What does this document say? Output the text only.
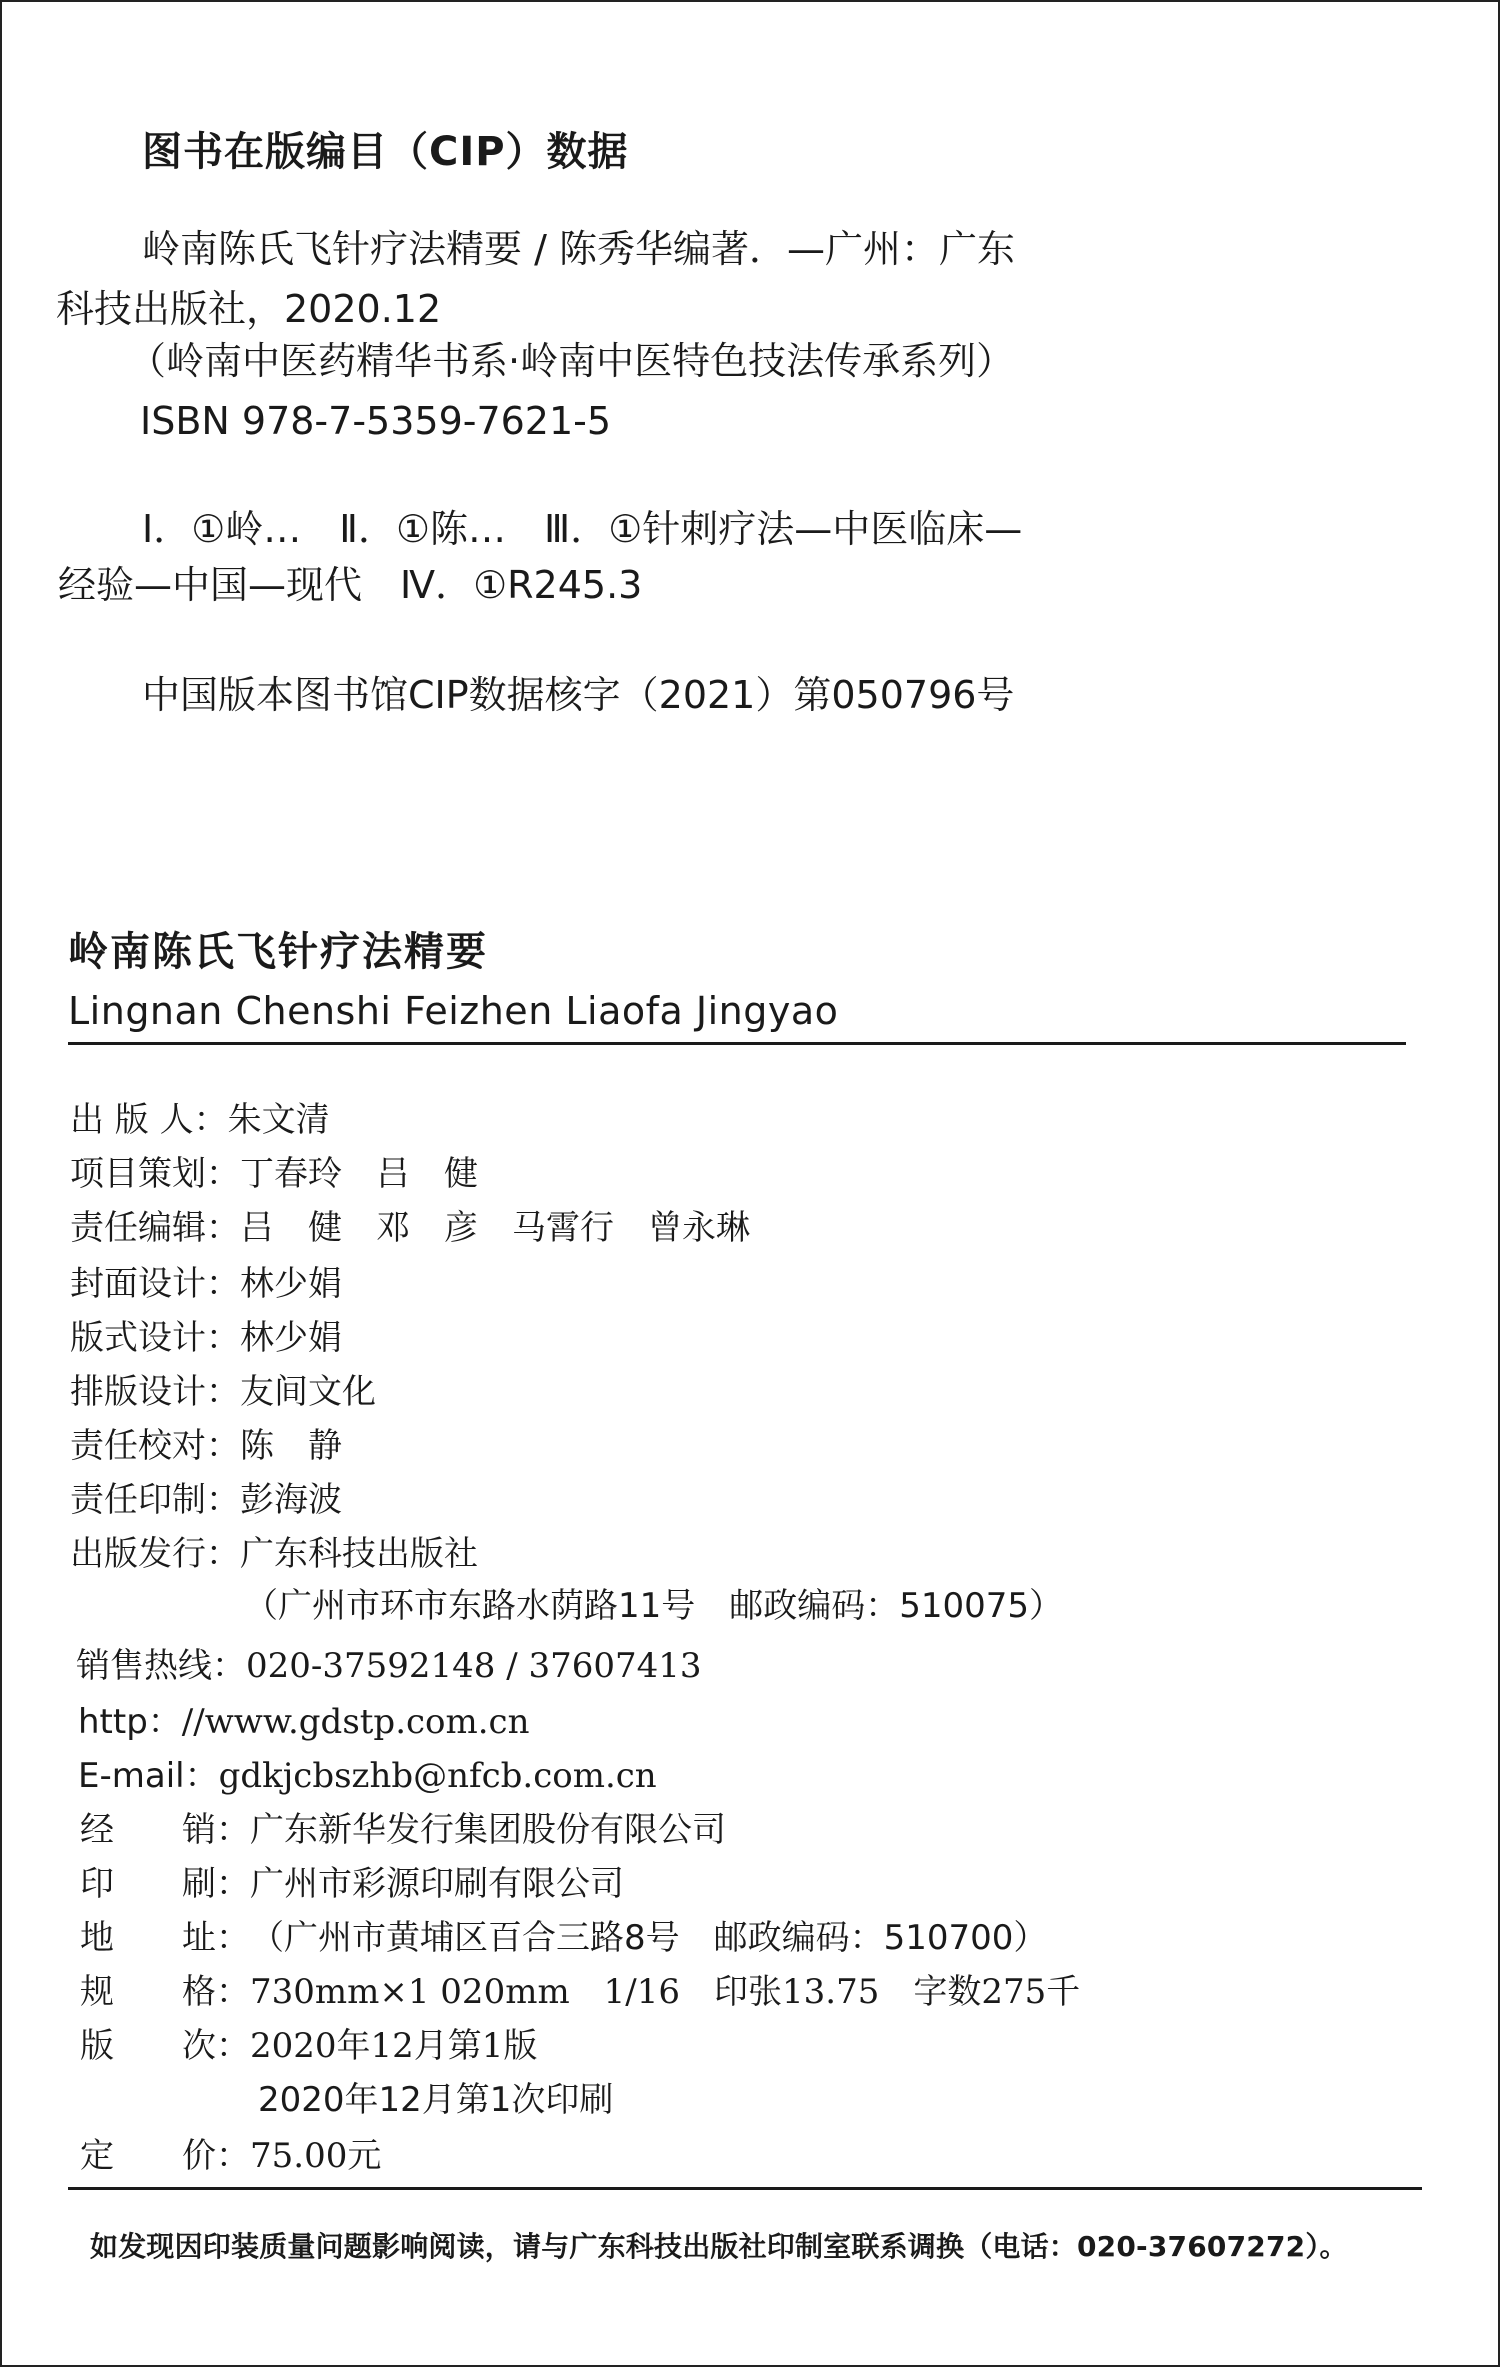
图书在版编目（CIP）数据
岭南陈氏飞针疗法精要 / 陈秀华编著．—广州：广东
科技出版社，2020.12
（岭南中医药精华书系·岭南中医特色技法传承系列）
ISBN 978-7-5359-7621-5
Ⅰ．①岭…　Ⅱ．①陈…　Ⅲ．①针刺疗法—中医临床—
经验—中国—现代　Ⅳ．①R245.3
中国版本图书馆CIP数据核字（2021）第050796号
岭南陈氏飞针疗法精要
Lingnan Chenshi Feizhen Liaofa Jingyao
出 版 人：朱文清
项目策划：丁春玲　吕　健
责任编辑：吕　健　邓　彦　马霄行　曾永琳
封面设计：林少娟
版式设计：林少娟
排版设计：友间文化
责任校对：陈　静
责任印制：彭海波
出版发行：广东科技出版社
（广州市环市东路水荫路11号　邮政编码：510075）
销售热线：020-37592148 / 37607413
http：//www.gdstp.com.cn
E-mail：gdkjcbszhb@nfcb.com.cn
经　　销：广东新华发行集团股份有限公司
印　　刷：广州市彩源印刷有限公司
地　　址：（广州市黄埔区百合三路8号　邮政编码：510700）
规　　格：730mm×1 020mm　1/16　印张13.75　字数275千
版　　次：2020年12月第1版
2020年12月第1次印刷
定　　价：75.00元
如发现因印装质量问题影响阅读，请与广东科技出版社印制室联系调换（电话：020-37607272）。
